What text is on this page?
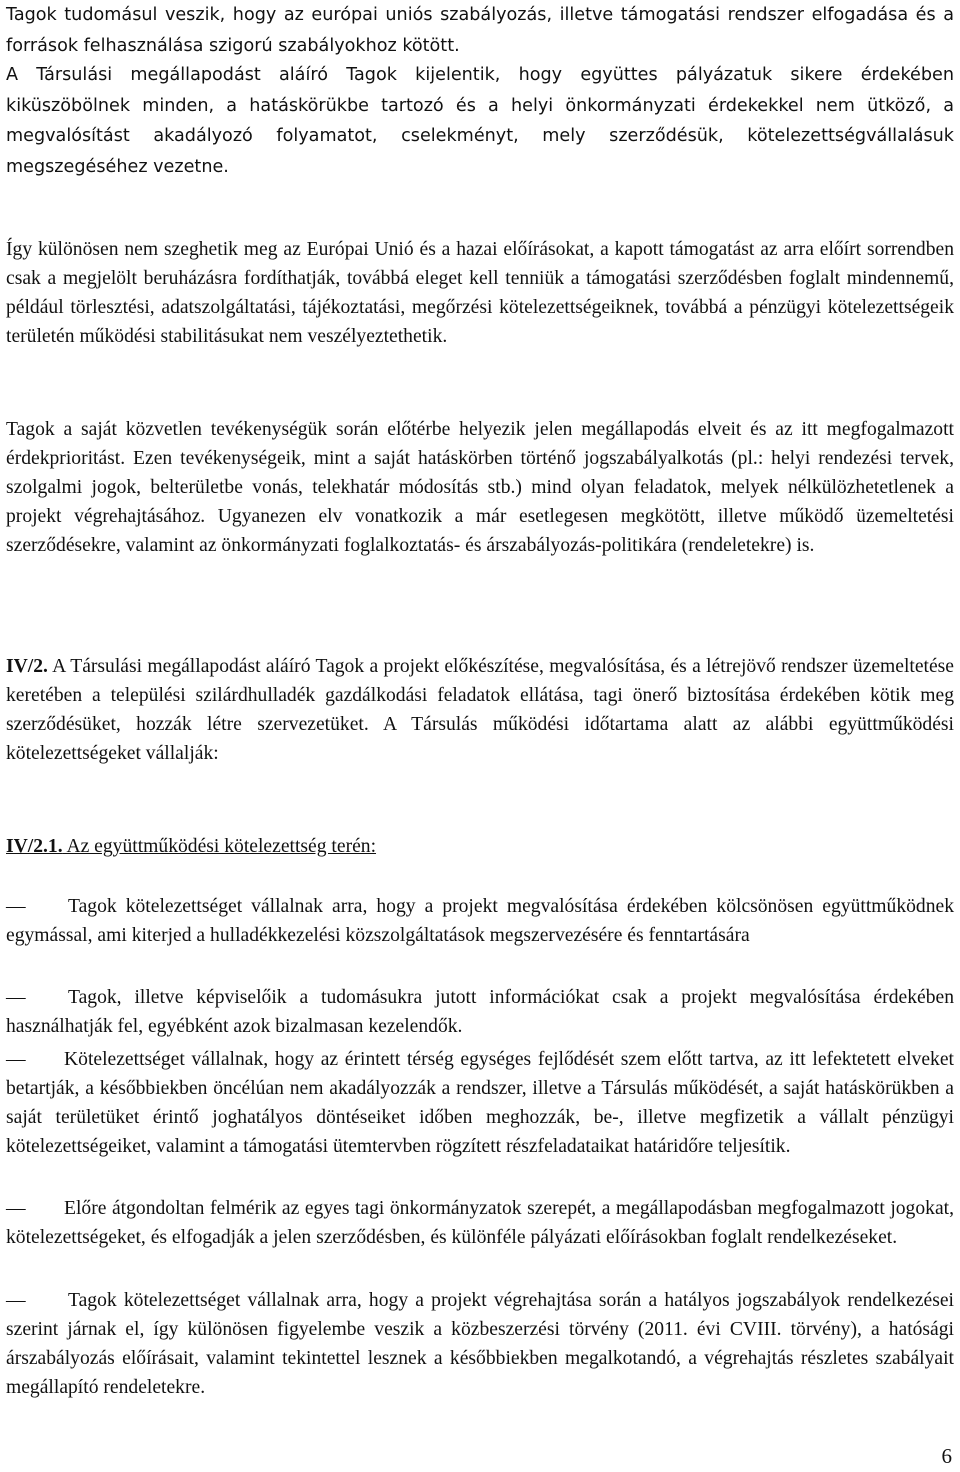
Tagok tudomásul veszik, hogy az európai uniós szabályozás, illetve támogatási rendszer elfogadása és a források felhasználása szigorú szabályokhoz kötött.

A Társulási megállapodást aláíró Tagok kijelentik, hogy együttes pályázatuk sikere érdekében kiküszöbölnek minden, a hatáskörükbe tartozó és a helyi önkormányzati érdekekkel nem ütköző, a megvalósítást akadályozó folyamatot, cselekményt, mely szerződésük, kötelezettségvállalásuk megszegéséhez vezetne.

Így különösen nem szeghetik meg az Európai Unió és a hazai előírásokat, a kapott támogatást az arra előírt sorrendben csak a megjelölt beruházásra fordíthatják, továbbá eleget kell tenniük a támogatási szerződésben foglalt mindennemű, például törlesztési, adatszolgáltatási, tájékoztatási, megőrzési kötelezettségeiknek, továbbá a pénzügyi kötelezettségeik területén működési stabilitásukat nem veszélyeztethetik.

Tagok a saját közvetlen tevékenységük során előtérbe helyezik jelen megállapodás elveit és az itt megfogalmazott érdekprioritást. Ezen tevékenységeik, mint a saját hatáskörben történő jogszabályalkotás (pl.: helyi rendezési tervek, szolgalmi jogok, belterületbe vonás, telekhatár módosítás stb.) mind olyan feladatok, melyek nélkülözhetetlenek a projekt végrehajtásához. Ugyanezen elv vonatkozik a már esetlegesen megkötött, illetve működő üzemeltetési szerződésekre, valamint az önkormányzati foglalkoztatás- és árszabályozás-politikára (rendeletekre) is.

IV/2. A Társulási megállapodást aláíró Tagok a projekt előkészítése, megvalósítása, és a létrejövő rendszer üzemeltetése keretében a települési szilárdhulladék gazdálkodási feladatok ellátása, tagi önerő biztosítása érdekében kötik meg szerződésüket, hozzák létre szervezetüket. A Társulás működési időtartama alatt az alábbi együttműködési kötelezettségeket vállalják:

IV/2.1. Az együttműködési kötelezettség terén:

— Tagok kötelezettséget vállalnak arra, hogy a projekt megvalósítása érdekében kölcsönösen együttműködnek egymással, ami kiterjed a hulladékkezelési közszolgáltatások megszervezésére és fenntartására

— Tagok, illetve képviselőik a tudomásukra jutott információkat csak a projekt megvalósítása érdekében használhatják fel, egyébként azok bizalmasan kezelendők.

— Kötelezettséget vállalnak, hogy az érintett térség egységes fejlődését szem előtt tartva, az itt lefektetett elveket betartják, a későbbiekben öncélúan nem akadályozzák a rendszer, illetve a Társulás működését, a saját hatáskörükben a saját területüket érintő joghatályos döntéseiket időben meghozzák, be-, illetve megfizetik a vállalt pénzügyi kötelezettségeiket, valamint a támogatási ütemtervben rögzített részfeladataikat határidőre teljesítik.

— Előre átgondoltan felmérik az egyes tagi önkormányzatok szerepét, a megállapodásban megfogalmazott jogokat, kötelezettségeket, és elfogadják a jelen szerződésben, és különféle pályázati előírásokban foglalt rendelkezéseket.

— Tagok kötelezettséget vállalnak arra, hogy a projekt végrehajtása során a hatályos jogszabályok rendelkezései szerint járnak el, így különösen figyelembe veszik a közbeszerzési törvény (2011. évi CVIII. törvény), a hatósági árszabályozás előírásait, valamint tekintettel lesznek a későbbiekben megalkotandó, a végrehajtás részletes szabályait megállapító rendeletekre.

6
